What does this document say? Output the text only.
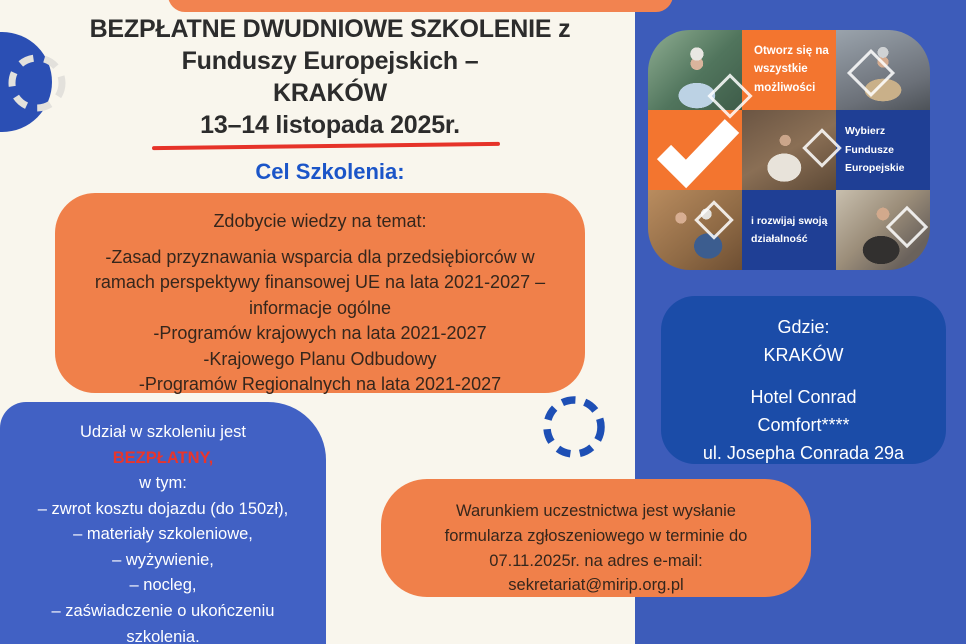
BEZPŁATNE DWUDNIOWE SZKOLENIE z
Funduszy Europejskich –
KRAKÓW
13–14 listopada 2025r.
Cel Szkolenia:
Zdobycie wiedzy na temat:
-Zasad przyznawania wsparcia dla przedsiębiorców w ramach perspektywy finansowej UE na lata 2021-2027 – informacje ogólne
-Programów krajowych na lata 2021-2027
-Krajowego Planu Odbudowy
-Programów Regionalnych na lata 2021-2027
Udział w szkoleniu jest
BEZPŁATNY,
w tym:
– zwrot kosztu dojazdu (do 150zł),
– materiały szkoleniowe,
– wyżywienie,
– nocleg,
– zaświadczenie o ukończeniu szkolenia.
Warunkiem uczestnictwa jest wysłanie
formularza zgłoszeniowego w terminie do
07.11.2025r. na adres e-mail:
sekretariat@mirip.org.pl
Gdzie:
KRAKÓW
Hotel Conrad
Comfort****
ul. Josepha Conrada 29a
Otworz się na wszystkie możliwości
Wybierz Fundusze Europejskie
i rozwijaj swoją działalność
